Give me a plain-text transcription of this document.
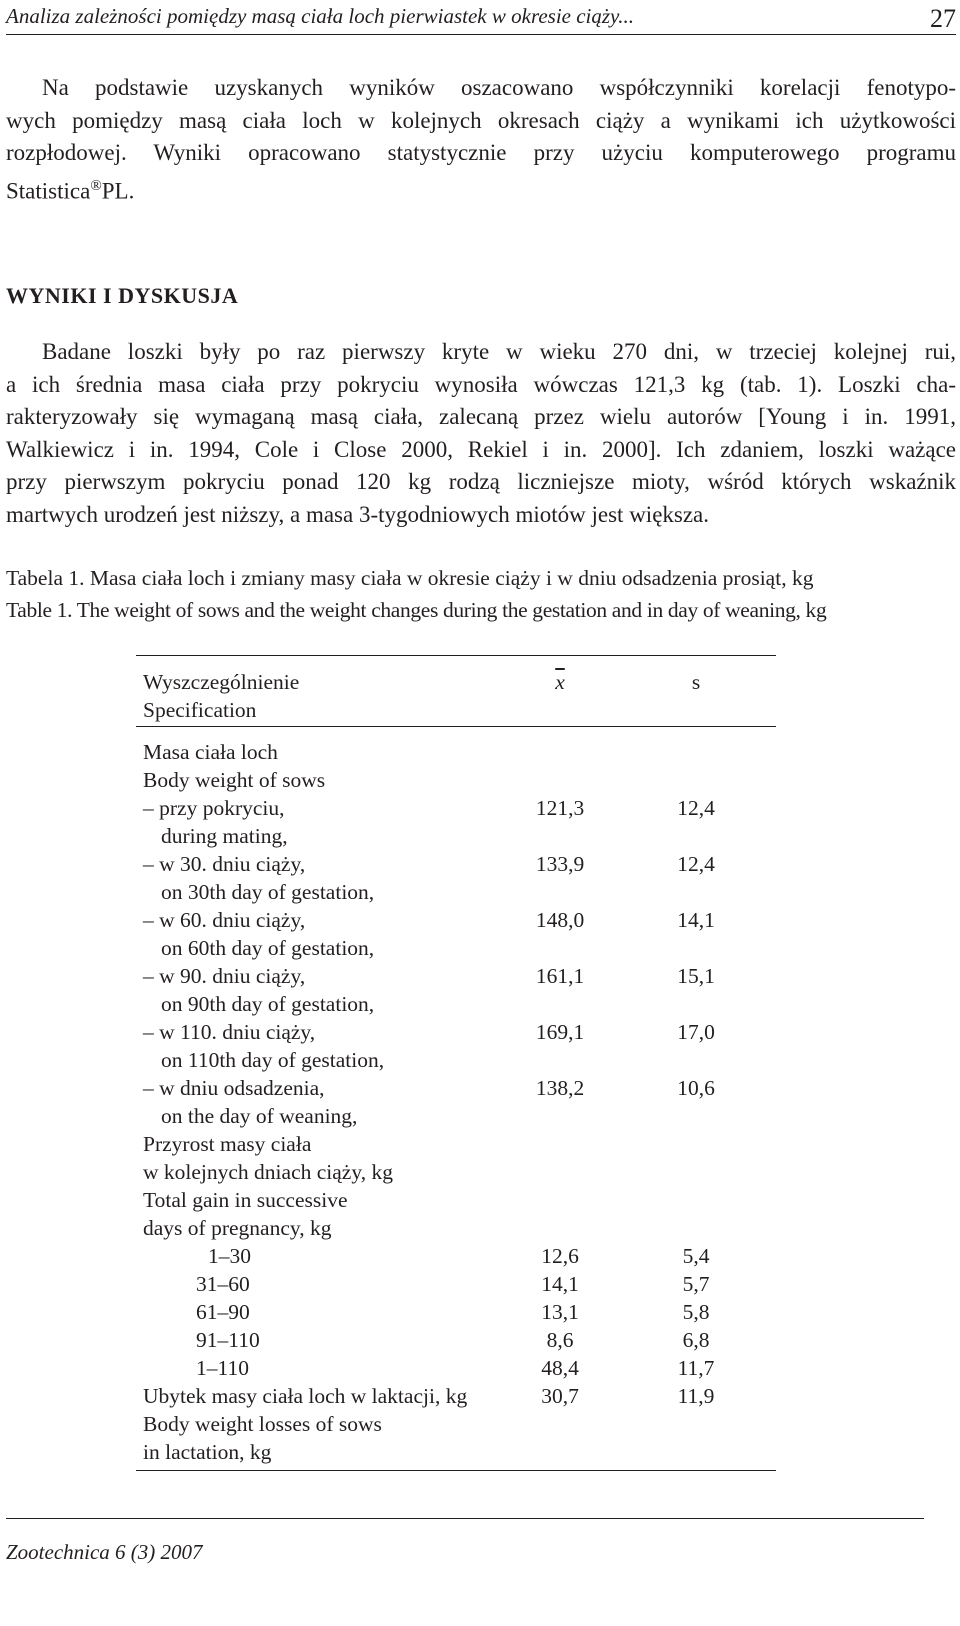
Analiza zależności pomiędzy masą ciała loch pierwiastek w okresie ciąży...	27
Na podstawie uzyskanych wyników oszacowano współczynniki korelacji fenotypo-
wych pomiędzy masą ciała loch w kolejnych okresach ciąży a wynikami ich użytkowości
rozpłodowej. Wyniki opracowano statystycznie przy użyciu komputerowego programu
Statistica®PL.
WYNIKI I DYSKUSJA
Badane loszki były po raz pierwszy kryte w wieku 270 dni, w trzeciej kolejnej rui,
a ich średnia masa ciała przy pokryciu wynosiła wówczas 121,3 kg (tab. 1). Loszki cha-
rakteryzowały się wymaganą masą ciała, zalecaną przez wielu autorów [Young i in. 1991,
Walkiewicz i in. 1994, Cole i Close 2000, Rekiel i in. 2000]. Ich zdaniem, loszki ważące
przy pierwszym pokryciu ponad 120 kg rodzą liczniejsze mioty, wśród których wskaźnik
martwych urodzeń jest niższy, a masa 3-tygodniowych miotów jest większa.
Tabela 1. Masa ciała loch i zmiany masy ciała w okresie ciąży i w dniu odsadzenia prosiąt, kg
Table 1. The weight of sows and the weight changes during the gestation and in day of weaning, kg
Wyszczególnienie	$\overline{x}$	s
Specification
Masa ciała loch
Body weight of sows
– przy pokryciu,	121,3	12,4
during mating,
– w 30. dniu ciąży,	133,9	12,4
on 30th day of gestation,
– w 60. dniu ciąży,	148,0	14,1
on 60th day of gestation,
– w 90. dniu ciąży,	161,1	15,1
on 90th day of gestation,
– w 110. dniu ciąży,	169,1	17,0
on 110th day of gestation,
– w dniu odsadzenia,	138,2	10,6
on the day of weaning,
Przyrost masy ciała
w kolejnych dniach ciąży, kg
Total gain in successive
days of pregnancy, kg
1–30	12,6	5,4
31–60	14,1	5,7
61–90	13,1	5,8
91–110	8,6	6,8
1–110	48,4	11,7
Ubytek masy ciała loch w laktacji, kg	30,7	11,9
Body weight losses of sows
in lactation, kg
Zootechnica 6 (3) 2007
